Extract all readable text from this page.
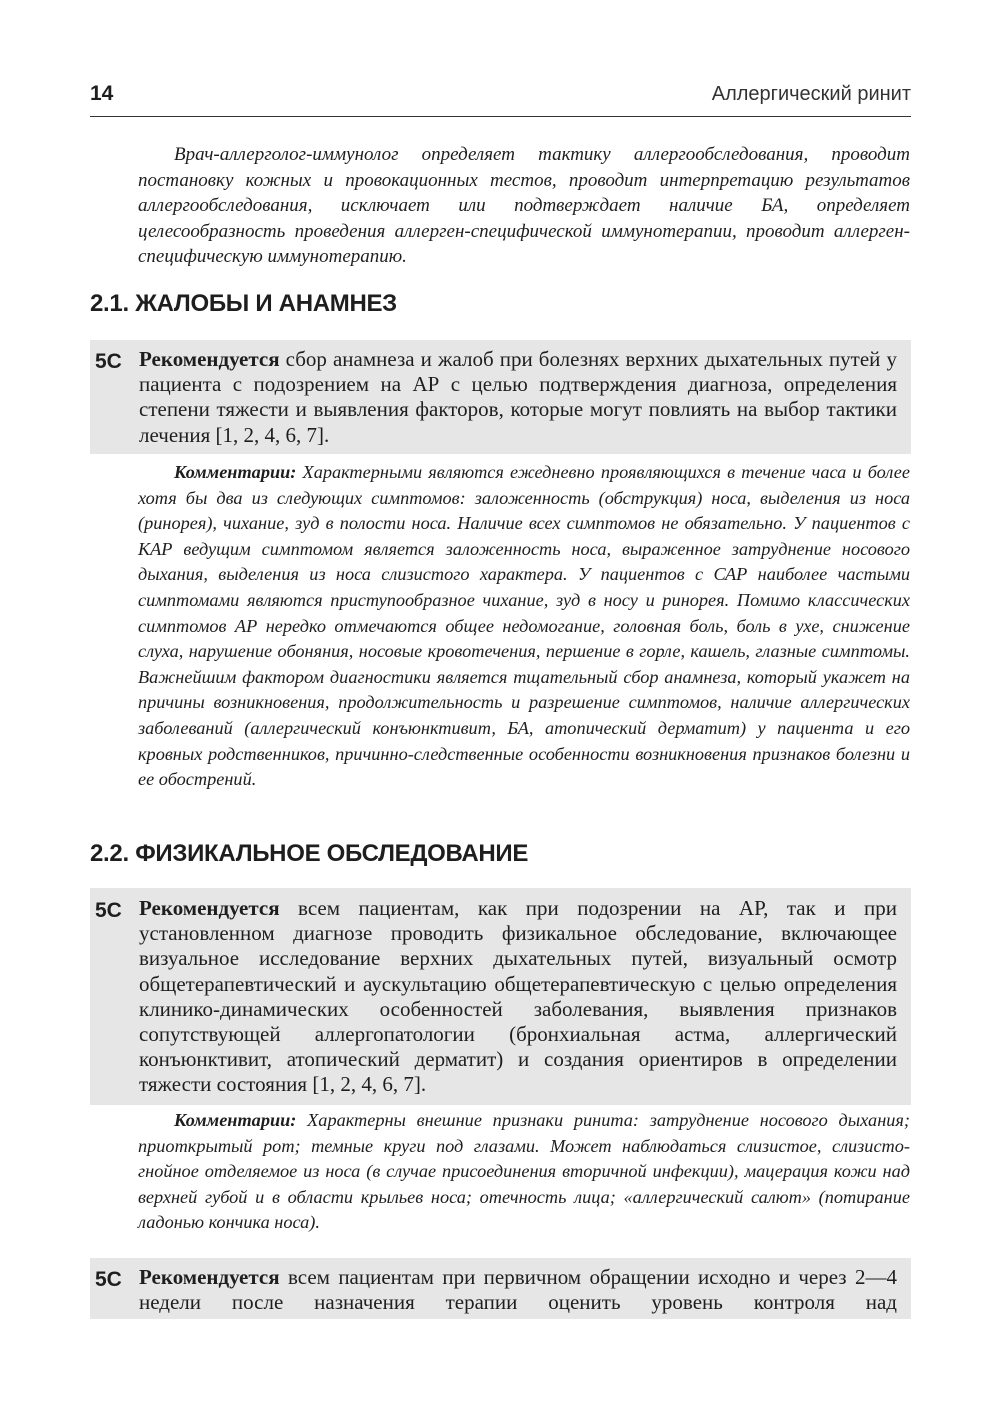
14	Аллергический ринит

Врач-аллерголог-иммунолог определяет тактику аллергообследования, проводит постановку кожных и провокационных тестов, проводит интерпретацию результатов аллергообследования, исключает или подтверждает наличие БА, определяет целесообразность проведения аллерген-специфической иммунотерапии, проводит аллерген-специфическую иммунотерапию.

2.1. ЖАЛОБЫ И АНАМНЕЗ
5C Рекомендуется сбор анамнеза и жалоб при болезнях верхних дыхательных путей у пациента с подозрением на АР с целью подтверждения диагноза, определения степени тяжести и выявления факторов, которые могут повлиять на выбор тактики лечения [1, 2, 4, 6, 7].

Комментарии: Характерными являются ежедневно проявляющихся в течение часа и более хотя бы два из следующих симптомов: заложенность (обструкция) носа, выделения из носа (ринорея), чихание, зуд в полости носа. Наличие всех симптомов не обязательно. У пациентов с КАР ведущим симптомом является заложенность носа, выраженное затруднение носового дыхания, выделения из носа слизистого характера. У пациентов с САР наиболее частыми симптомами являются приступообразное чихание, зуд в носу и ринорея. Помимо классических симптомов АР нередко отмечаются общее недомогание, головная боль, боль в ухе, снижение слуха, нарушение обоняния, носовые кровотечения, першение в горле, кашель, глазные симптомы. Важнейшим фактором диагностики является тщательный сбор анамнеза, который укажет на причины возникновения, продолжительность и разрешение симптомов, наличие аллергических заболеваний (аллергический конъюнктивит, БА, атопический дерматит) у пациента и его кровных родственников, причинно-следственные особенности возникновения признаков болезни и ее обострений.

2.2. ФИЗИКАЛЬНОЕ ОБСЛЕДОВАНИЕ
5C Рекомендуется всем пациентам, как при подозрении на АР, так и при установленном диагнозе проводить физикальное обследование, включающее визуальное исследование верхних дыхательных путей, визуальный осмотр общетерапевтический и аускультацию общетерапевтическую с целью определения клинико-динамических особенностей заболевания, выявления признаков сопутствующей аллергопатологии (бронхиальная астма, аллергический конъюнктивит, атопический дерматит) и создания ориентиров в определении тяжести состояния [1, 2, 4, 6, 7].

Комментарии: Характерны внешние признаки ринита: затруднение носового дыхания; приоткрытый рот; темные круги под глазами. Может наблюдаться слизистое, слизисто-гнойное отделяемое из носа (в случае присоединения вторичной инфекции), мацерация кожи над верхней губой и в области крыльев носа; отечность лица; «аллергический салют» (потирание ладонью кончика носа).

5C Рекомендуется всем пациентам при первичном обращении исходно и через 2—4 недели после назначения терапии оценить уровень контроля над
